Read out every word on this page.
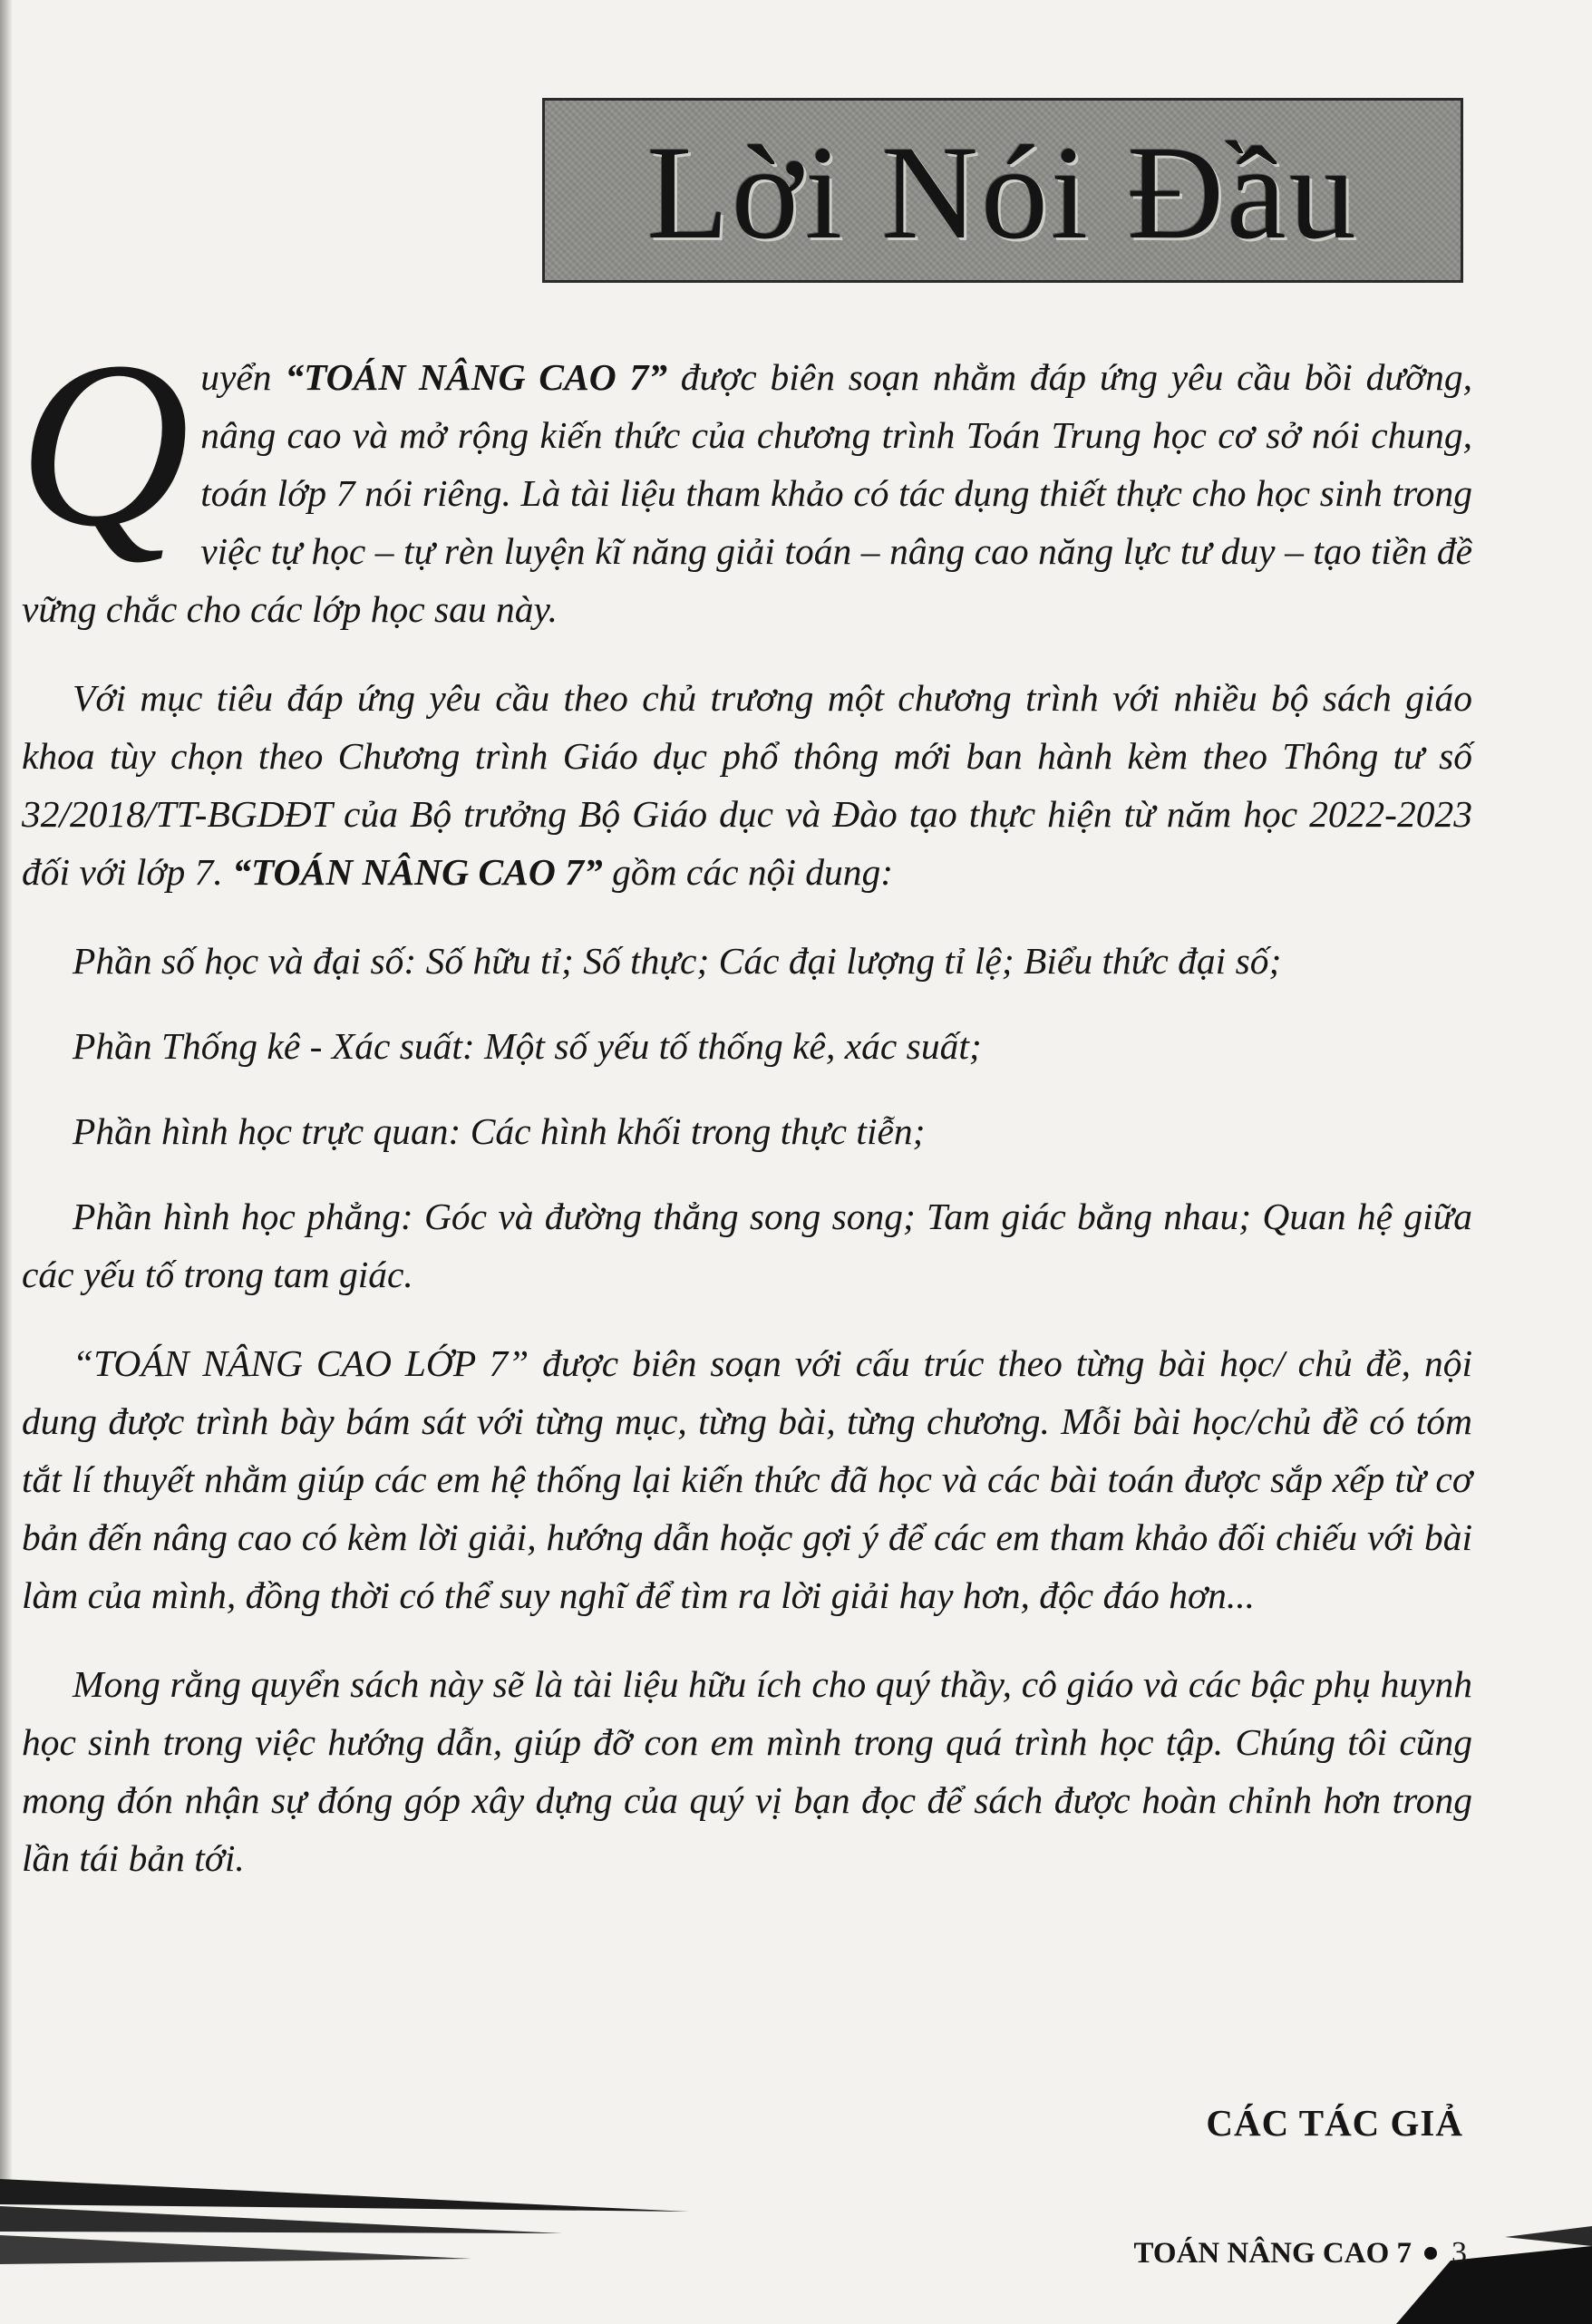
Lời Nói Đầu

Quyển “TOÁN NÂNG CAO 7” được biên soạn nhằm đáp ứng yêu cầu bồi dưỡng, nâng cao và mở rộng kiến thức của chương trình Toán Trung học cơ sở nói chung, toán lớp 7 nói riêng. Là tài liệu tham khảo có tác dụng thiết thực cho học sinh trong việc tự học – tự rèn luyện kĩ năng giải toán – nâng cao năng lực tư duy – tạo tiền đề vững chắc cho các lớp học sau này.

Với mục tiêu đáp ứng yêu cầu theo chủ trương một chương trình với nhiều bộ sách giáo khoa tùy chọn theo Chương trình Giáo dục phổ thông mới ban hành kèm theo Thông tư số 32/2018/TT-BGDĐT của Bộ trưởng Bộ Giáo dục và Đào tạo thực hiện từ năm học 2022-2023 đối với lớp 7. “TOÁN NÂNG CAO 7” gồm các nội dung:

Phần số học và đại số: Số hữu tỉ; Số thực; Các đại lượng tỉ lệ; Biểu thức đại số;

Phần Thống kê - Xác suất: Một số yếu tố thống kê, xác suất;

Phần hình học trực quan: Các hình khối trong thực tiễn;

Phần hình học phẳng: Góc và đường thẳng song song; Tam giác bằng nhau; Quan hệ giữa các yếu tố trong tam giác.

“TOÁN NÂNG CAO LỚP 7” được biên soạn với cấu trúc theo từng bài học/ chủ đề, nội dung được trình bày bám sát với từng mục, từng bài, từng chương. Mỗi bài học/chủ đề có tóm tắt lí thuyết nhằm giúp các em hệ thống lại kiến thức đã học và các bài toán được sắp xếp từ cơ bản đến nâng cao có kèm lời giải, hướng dẫn hoặc gợi ý để các em tham khảo đối chiếu với bài làm của mình, đồng thời có thể suy nghĩ để tìm ra lời giải hay hơn, độc đáo hơn...

Mong rằng quyển sách này sẽ là tài liệu hữu ích cho quý thầy, cô giáo và các bậc phụ huynh học sinh trong việc hướng dẫn, giúp đỡ con em mình trong quá trình học tập. Chúng tôi cũng mong đón nhận sự đóng góp xây dựng của quý vị bạn đọc để sách được hoàn chỉnh hơn trong lần tái bản tới.

CÁC TÁC GIẢ
TOÁN NÂNG CAO 7 3
